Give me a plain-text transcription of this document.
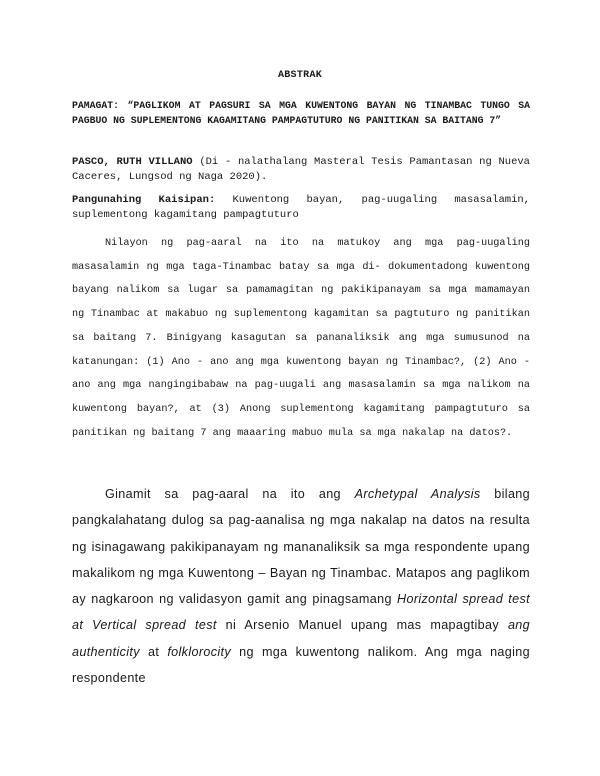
ABSTRAK
PAMAGAT: “PAGLIKOM AT PAGSURI SA MGA KUWENTONG BAYAN NG TINAMBAC TUNGO SA PAGBUO NG SUPLEMENTONG KAGAMITANG PAMPAGTUTURO NG PANITIKAN SA BAITANG 7”
PASCO, RUTH VILLANO (Di - nalathalang Masteral Tesis Pamantasan ng Nueva Caceres, Lungsod ng Naga 2020).
Pangunahing Kaisipan: Kuwentong bayan, pag-uugaling masasalamin, suplementong kagamitang pampagtuturo

Nilayon ng pag-aaral na ito na matukoy ang mga pag-uugaling masasalamin ng mga taga-Tinambac batay sa mga di- dokumentadong kuwentong bayang nalikom sa lugar sa pamamagitan ng pakikipanayam sa mga mamamayan ng Tinambac at makabuo ng suplementong kagamitan sa pagtuturo ng panitikan sa baitang 7. Binigyang kasagutan sa pananaliksik ang mga sumusunod na katanungan: (1) Ano - ano ang mga kuwentong bayan ng Tinambac?, (2) Ano - ano ang mga nangingibabaw na pag-uugali ang masasalamin sa mga nalikom na kuwentong bayan?, at (3) Anong suplementong kagamitang pampagtuturo sa panitikan ng baitang 7 ang maaaring mabuo mula sa mga nakalap na datos?.

Ginamit sa pag-aaral na ito ang Archetypal Analysis bilang pangkalahatang dulog sa pag-aanalisa ng mga nakalap na datos na resulta ng isinagawang pakikipanayam ng mananaliksik sa mga respondente upang makalikom ng mga Kuwentong – Bayan ng Tinambac. Matapos ang paglikom ay nagkaroon ng validasyon gamit ang pinagsamang Horizontal spread test at Vertical spread test ni Arsenio Manuel upang mas mapagtibay ang authenticity at folklorocity ng mga kuwentong nalikom. Ang mga naging respondente
